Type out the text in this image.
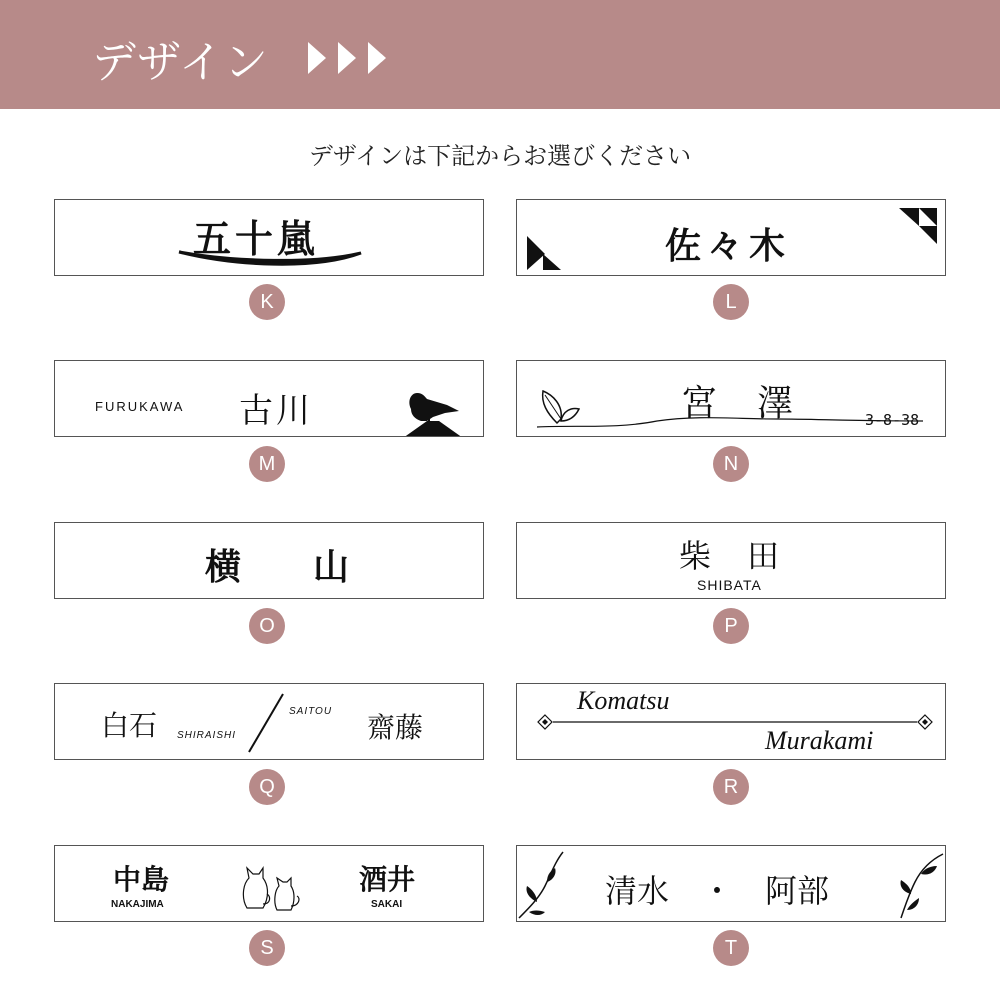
デザイン
デザインは下記からお選びください
五十嵐
K
佐々木
L
FURUKAWA 古川
M
宮　澤	3-8-38
N
横　　山
O
柴　田
SHIBATA
P
白石 SHIRAISHI
SAITOU 齋藤
Q
Komatsu
Murakami
R
中島
NAKAJIMA
酒井
SAKAI
S
清水　・　阿部
T
